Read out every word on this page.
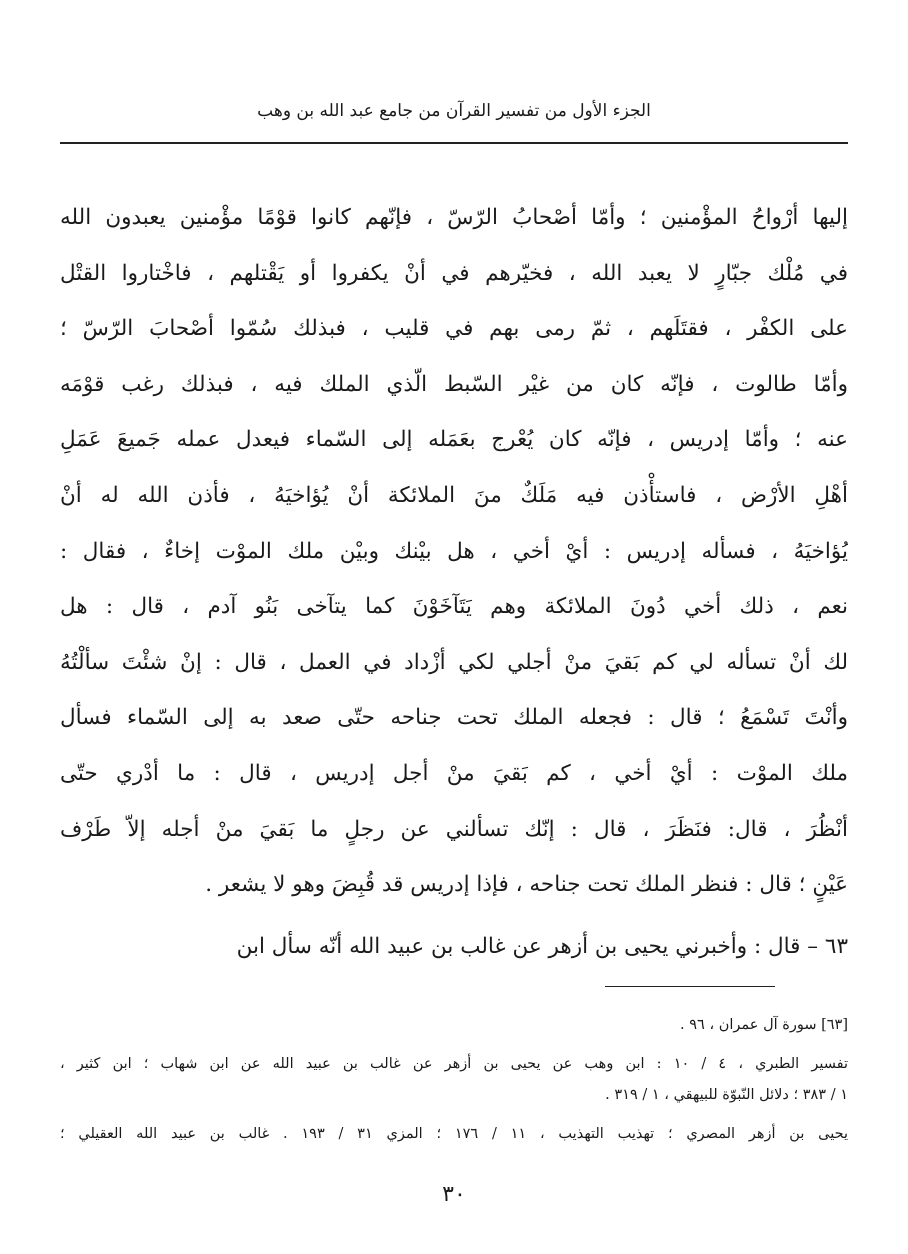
الجزء الأول من تفسير القرآن من جامع عبد الله بن وهب
إليها أرْواحُ المؤْمنين ؛ وأمّا أصْحابُ الرّسّ ، فإنّهم كانوا قوْمًا مؤْمنين يعبدون الله
في مُلْك جبّارٍ لا يعبد الله ، فخيّرهم في أنْ يكفروا أو يَقْتلهم ، فاخْتاروا القتْل
على الكفْر ، فقتَلَهم ، ثمّ رمى بهم في قليب ، فبذلك سُمّوا أصْحابَ الرّسّ ؛
وأمّا طالوت ، فإنّه كان من غيْر السّبط الّذي الملك فيه ، فبذلك رغب قوْمَه
عنه ؛ وأمّا إدريس ، فإنّه كان يُعْرج بعَمَله إلى السّماء فيعدل عمله جَميعَ عَمَلِ
أهْلِ الأرْض ، فاستأْذن فيه مَلَكٌ منَ الملائكة أنْ يُؤاخيَهُ ، فأذن الله له أنْ
يُؤاخيَهُ ، فسأله إدريس : أيْ أخي ، هل بيْنك وبيْن ملك الموْت إخاءٌ ، فقال :
نعم ، ذلك أخي دُونَ الملائكة وهم يَتَآخَوْنَ كما يتآخى بَنُو آدم ، قال : هل
لك أنْ تسأله لي كم بَقيَ منْ أجلي لكي أزْداد في العمل ، قال : إنْ شئْتَ سألْتُهُ
وأنْتَ تَسْمَعُ ؛ قال : فجعله الملك تحت جناحه حتّى صعد به إلى السّماء فسأل
ملك الموْت : أيْ أخي ، كم بَقيَ منْ أجل إدريس ، قال : ما أدْري حتّى
أنْظُرَ ، قال: فنَظَرَ ، قال : إنّك تسألني عن رجلٍ ما بَقيَ منْ أجله إلاّ طَرْف
عَيْنٍ ؛ قال : فنظر الملك تحت جناحه ، فإذا إدريس قد قُبِضَ وهو لا يشعر .
٦٣ – قال : وأخبرني يحيى بن أزهر عن غالب بن عبيد الله أنّه سأل ابن
[٦٣] سورة آل عمران ، ٩٦ .
تفسير الطبري ، ٤ / ١٠ : ابن وهب عن يحيى بن أزهر عن غالب بن عبيد الله عن ابن شهاب ؛ ابن كثير ،
١ / ٣٨٣ ؛ دلائل النّبوّة للبيهقي ، ١ / ٣١٩ .
يحيى بن أزهر المصري ؛ تهذيب التهذيب ، ١١ / ١٧٦ ؛ المزي ٣١ / ١٩٣ . غالب بن عبيد الله العقيلي ؛
٣٠
